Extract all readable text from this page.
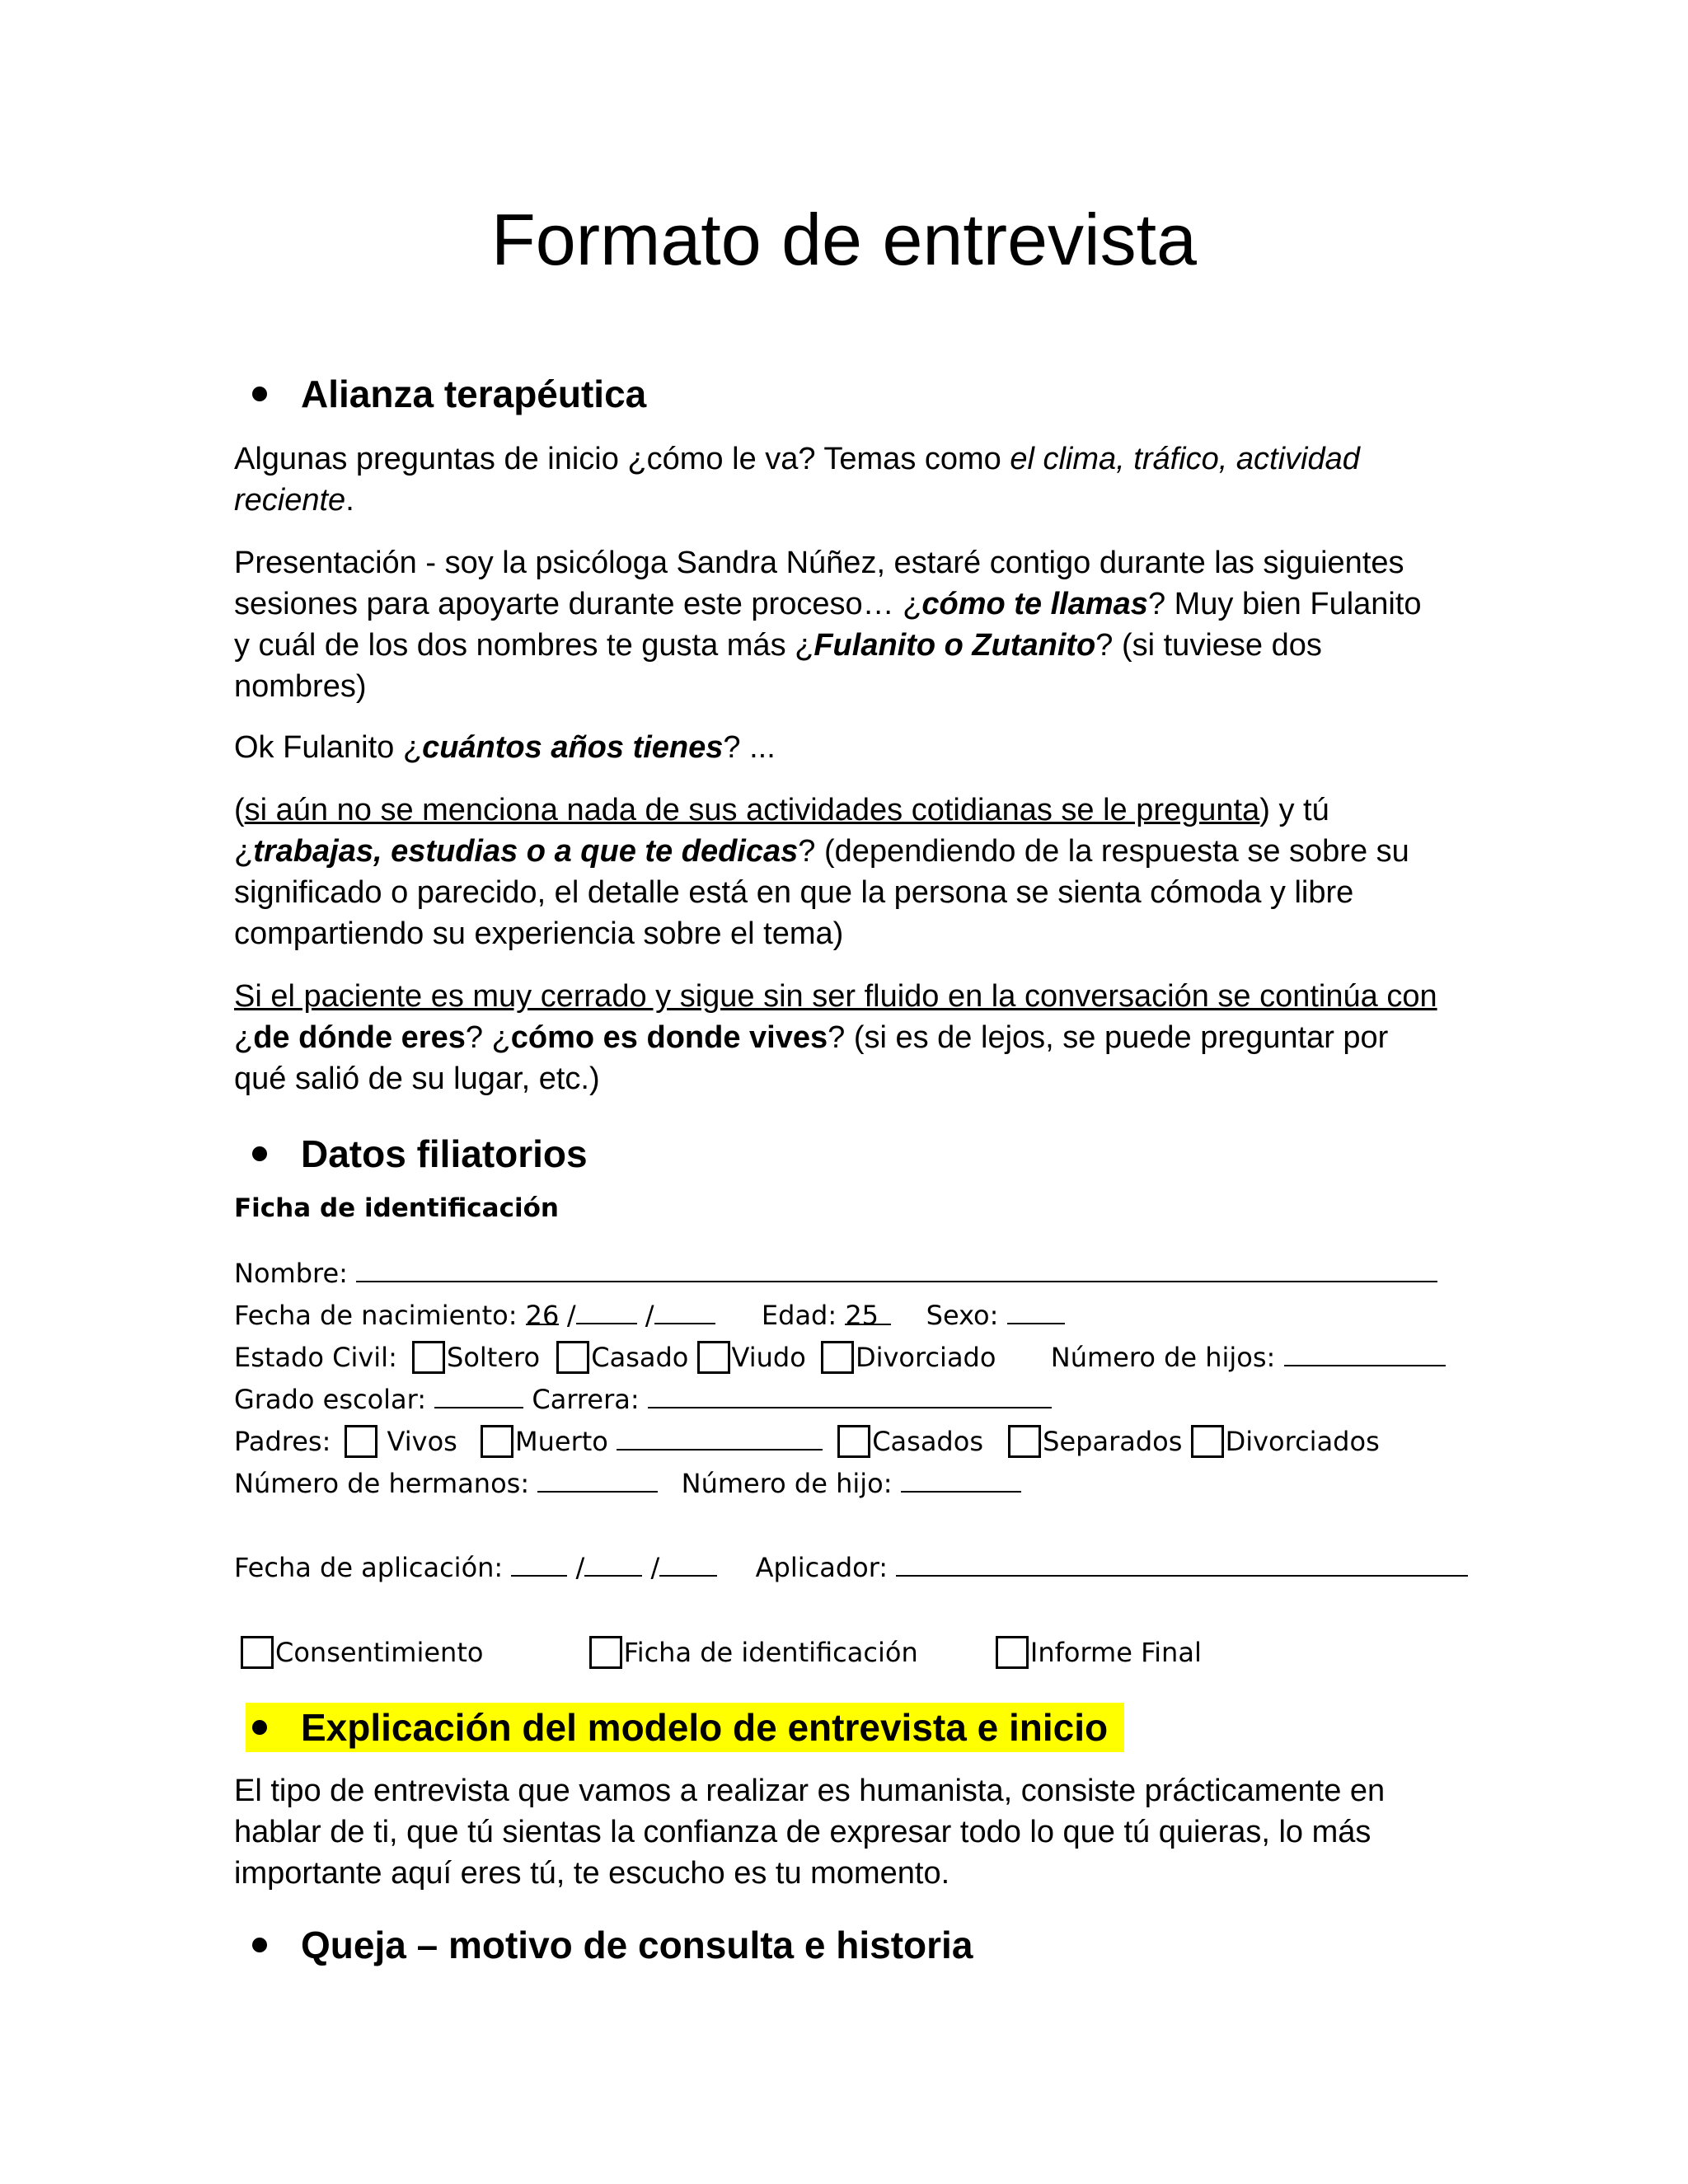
Formato de entrevista
Alianza terapéutica
Algunas preguntas de inicio ¿cómo le va? Temas como el clima, tráfico, actividad reciente.
Presentación - soy la psicóloga Sandra Núñez, estaré contigo durante las siguientes sesiones para apoyarte durante este proceso… ¿cómo te llamas? Muy bien Fulanito y cuál de los dos nombres te gusta más ¿Fulanito o Zutanito? (si tuviese dos nombres)
Ok Fulanito ¿cuántos años tienes? ...
(si aún no se menciona nada de sus actividades cotidianas se le pregunta) y tú ¿trabajas, estudias o a que te dedicas? (dependiendo de la respuesta se sobre su significado o parecido, el detalle está en que la persona se sienta cómoda y libre compartiendo su experiencia sobre el tema)
Si el paciente es muy cerrado y sigue sin ser fluido en la conversación se continúa con ¿de dónde eres? ¿cómo es donde vives? (si es de lejos, se puede preguntar por qué salió de su lugar, etc.)
Datos filiatorios
Ficha de identificación
Nombre:
Fecha de nacimiento: 26 / /	Edad: 25 Sexo:
Estado Civil: Soltero Casado Viudo Divorciado Número de hijos:
Grado escolar:	Carrera:
Padres: Vivos Muerto	Casados Separados Divorciados
Número de hermanos:	Número de hijo:
Fecha de aplicación:  / /	Aplicador:
Consentimiento	Ficha de identificación	Informe Final
Explicación del modelo de entrevista e inicio
El tipo de entrevista que vamos a realizar es humanista, consiste prácticamente en hablar de ti, que tú sientas la confianza de expresar todo lo que tú quieras, lo más importante aquí eres tú, te escucho es tu momento.
Queja – motivo de consulta e historia
